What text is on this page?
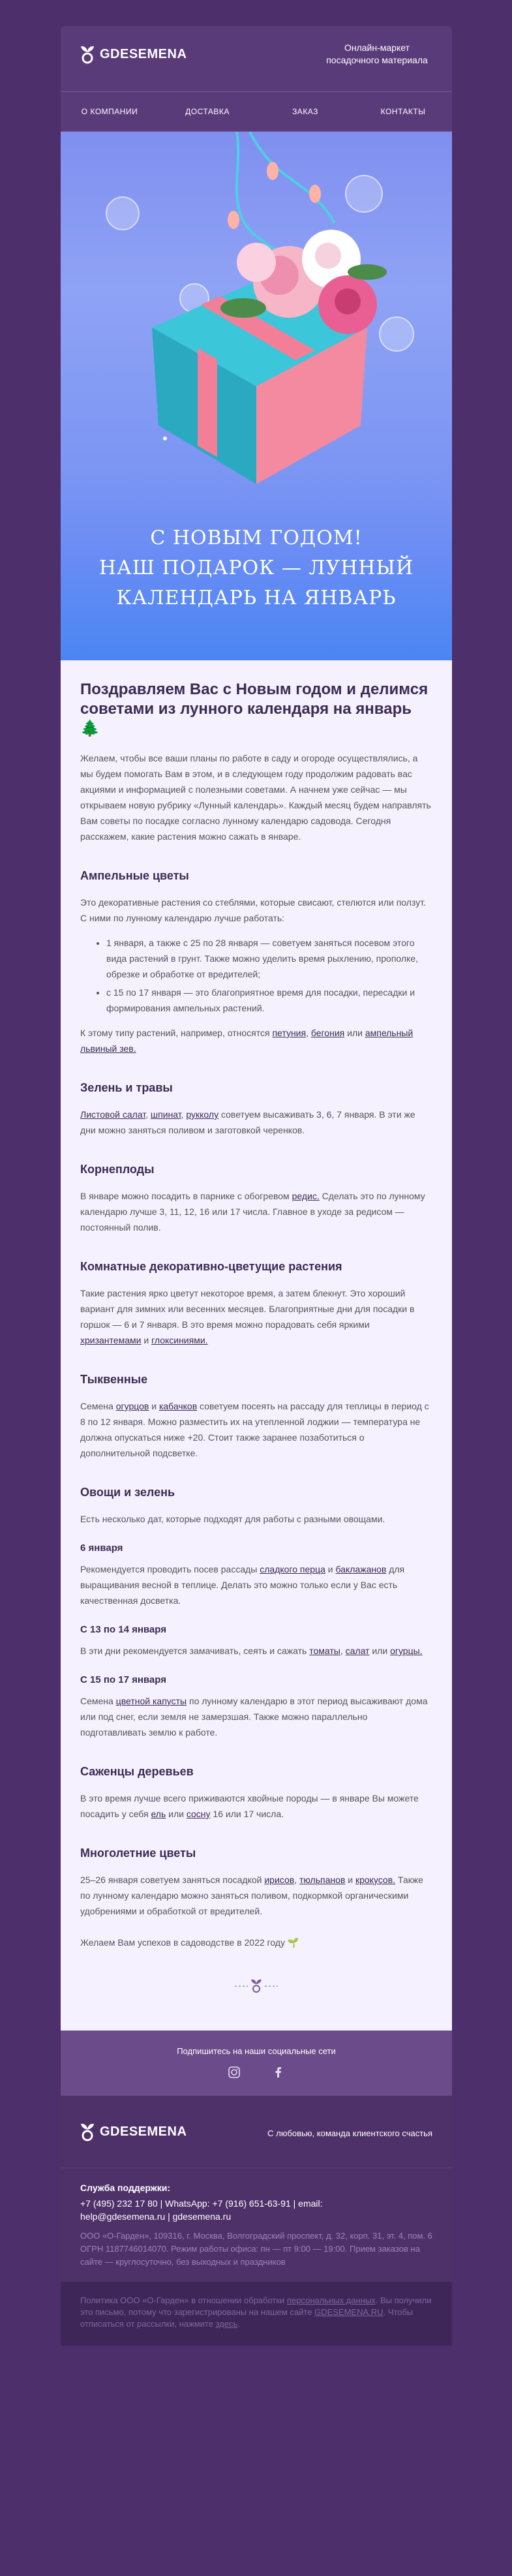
GDESEMENA	Онлайн-маркет посадочного материала
О КОМПАНИИ	ДОСТАВКА	ЗАКАЗ	КОНТАКТЫ
С НОВЫМ ГОДОМ!
НАШ ПОДАРОК — ЛУННЫЙ
КАЛЕНДАРЬ НА ЯНВАРЬ
Поздравляем Вас с Новым годом и делимся советами из лунного календаря на январь 🌲

Желаем, чтобы все ваши планы по работе в саду и огороде осуществлялись, а мы будем помогать Вам в этом, и в следующем году продолжим радовать вас акциями и информацией с полезными советами. А начнем уже сейчас — мы открываем новую рубрику «Лунный календарь». Каждый месяц будем направлять Вам советы по посадке согласно лунному календарю садовода. Сегодня расскажем, какие растения можно сажать в январе.

Ампельные цветы

Это декоративные растения со стеблями, которые свисают, стелются или ползут. С ними по лунному календарю лучше работать:

• 1 января, а также с 25 по 28 января — советуем заняться посевом этого вида растений в грунт. Также можно уделить время рыхлению, прополке, обрезке и обработке от вредителей;
• с 15 по 17 января — это благоприятное время для посадки, пересадки и формирования ампельных растений.

К этому типу растений, например, относятся петуния, бегония или ампельный львиный зев.

Зелень и травы

Листовой салат, шпинат, рукколу советуем высаживать 3, 6, 7 января. В эти же дни можно заняться поливом и заготовкой черенков.

Корнеплоды

В январе можно посадить в парнике с обогревом редис. Сделать это по лунному календарю лучше 3, 11, 12, 16 или 17 числа. Главное в уходе за редисом — постоянный полив.

Комнатные декоративно-цветущие растения

Такие растения ярко цветут некоторое время, а затем блекнут. Это хороший вариант для зимних или весенних месяцев. Благоприятные дни для посадки в горшок — 6 и 7 января. В это время можно порадовать себя яркими хризантемами и глоксиниями.

Тыквенные

Семена огурцов и кабачков советуем посеять на рассаду для теплицы в период с 8 по 12 января. Можно разместить их на утепленной лоджии — температура не должна опускаться ниже +20. Стоит также заранее позаботиться о дополнительной подсветке.

Овощи и зелень

Есть несколько дат, которые подходят для работы с разными овощами.

6 января

Рекомендуется проводить посев рассады сладкого перца и баклажанов для выращивания весной в теплице. Делать это можно только если у Вас есть качественная досветка.

С 13 по 14 января

В эти дни рекомендуется замачивать, сеять и сажать томаты, салат или огурцы.

С 15 по 17 января

Семена цветной капусты по лунному календарю в этот период высаживают дома или под снег, если земля не замерзшая. Также можно параллельно подготавливать землю к работе.

Саженцы деревьев

В это время лучше всего приживаются хвойные породы — в январе Вы можете посадить у себя ель или сосну 16 или 17 числа.

Многолетние цветы

25–26 января советуем заняться посадкой ирисов, тюльпанов и крокусов. Также по лунному календарю можно заняться поливом, подкормкой органическими удобрениями и обработкой от вредителей.

Желаем Вам успехов в садоводстве в 2022 году 🌱

Подпишитесь на наши социальные сети
GDESEMENA	С любовью, команда клиентского счастья
Служба поддержки:
+7 (495) 232 17 80 | WhatsApp: +7 (916) 651-63-91 | email:
help@gdesemena.ru | gdesemena.ru
ООО «О-Гарден», 109316, г. Москва, Волгоградский проспект, д. 32, корп. 31, эт. 4, пом. 6
ОГРН 1187746014070. Режим работы офиса: пн — пт 9:00 — 19:00. Прием заказов на сайте — круглосуточно, без выходных и праздников
Политика ООО «О-Гарден» в отношении обработки персональных данных. Вы получили это письмо, потому что зарегистрированы на нашем сайте GDESEMENA.RU. Чтобы отписаться от рассылки, нажмите здесь.
